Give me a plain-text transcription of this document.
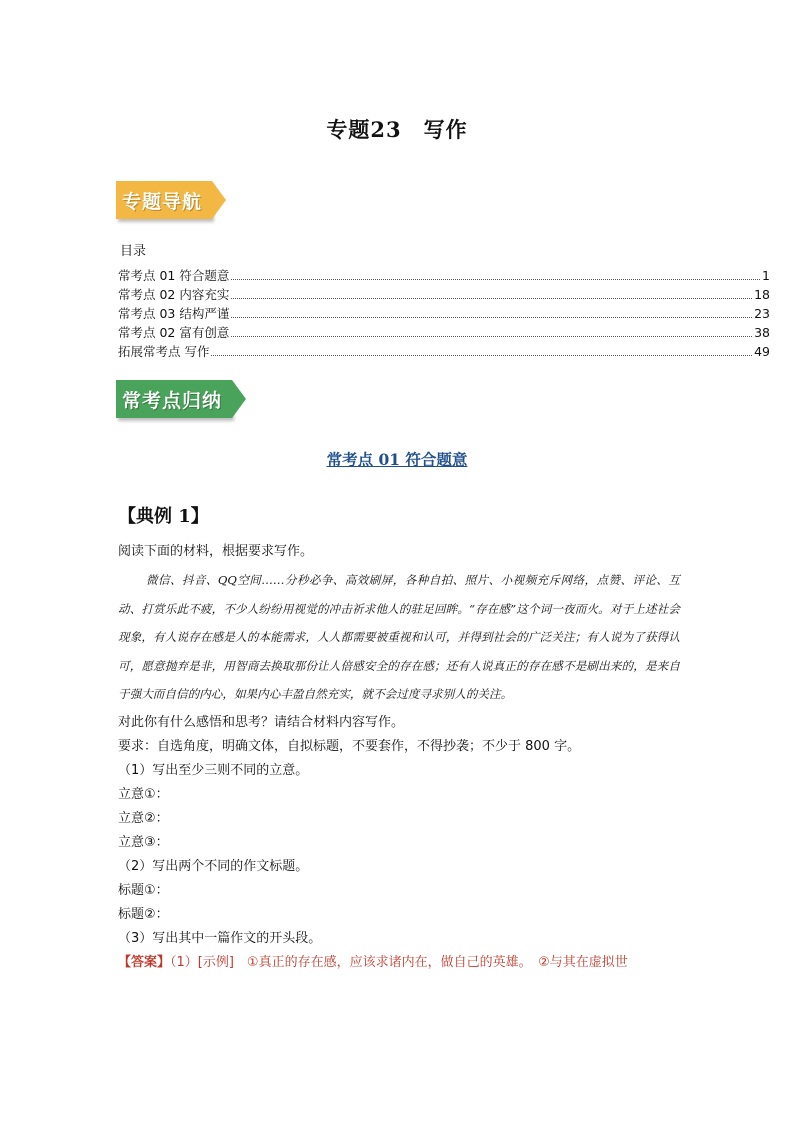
专题23 写作
专题导航
目录
常考点 01 符合题意	1
常考点 02 内容充实	18
常考点 03 结构严谨	23
常考点 02 富有创意	38
拓展常考点 写作	49
常考点归纳
常考点 01 符合题意
【典例 1】
阅读下面的材料，根据要求写作。
微信、抖音、QQ空间……分秒必争、高效刷屏，各种自拍、照片、小视频充斥网络，点赞、评论、互动、打赏乐此不疲，不少人纷纷用视觉的冲击祈求他人的驻足回眸。“存在感”这个词一夜而火。对于上述社会现象，有人说存在感是人的本能需求，人人都需要被重视和认可，并得到社会的广泛关注；有人说为了获得认可，愿意抛弃是非，用智商去换取那份让人倍感安全的存在感；还有人说真正的存在感不是刷出来的，是来自于强大而自信的内心，如果内心丰盈自然充实，就不会过度寻求别人的关注。
对此你有什么感悟和思考？请结合材料内容写作。
要求：自选角度，明确文体，自拟标题，不要套作，不得抄袭；不少于 800 字。
（1）写出至少三则不同的立意。
立意①：
立意②：
立意③：
（2）写出两个不同的作文标题。
标题①：
标题②：
（3）写出其中一篇作文的开头段。
【答案】（1）[示例]　①真正的存在感，应该求诸内在，做自己的英雄。　②与其在虚拟世
